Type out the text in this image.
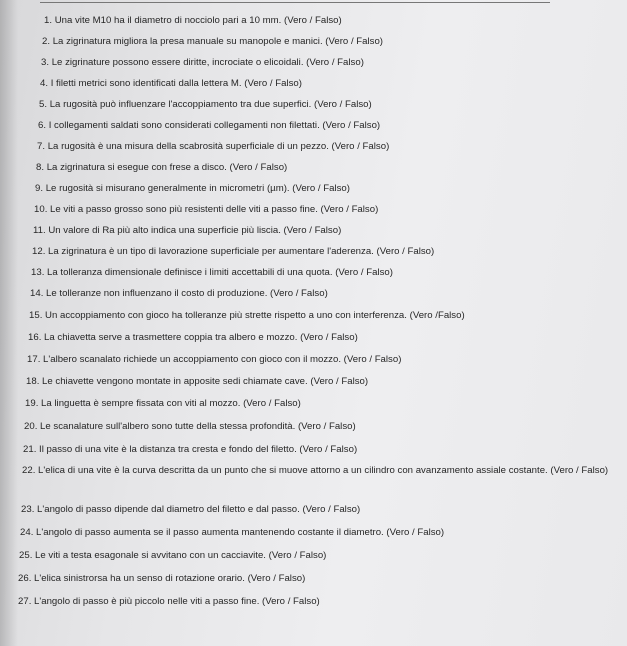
1. Una vite M10 ha il diametro di nocciolo pari a 10 mm. (Vero / Falso)

2. La zigrinatura migliora la presa manuale su manopole e manici. (Vero / Falso)

3. Le zigrinature possono essere diritte, incrociate o elicoidali. (Vero / Falso)

4. I filetti metrici sono identificati dalla lettera M. (Vero / Falso)

5. La rugosità può influenzare l'accoppiamento tra due superfici. (Vero / Falso)

6. I collegamenti saldati sono considerati collegamenti non filettati. (Vero / Falso)

7. La rugosità è una misura della scabrosità superficiale di un pezzo. (Vero / Falso)

8. La zigrinatura si esegue con frese a disco. (Vero / Falso)

9. Le rugosità si misurano generalmente in micrometri (µm). (Vero / Falso)

10. Le viti a passo grosso sono più resistenti delle viti a passo fine. (Vero / Falso)

11. Un valore di Ra più alto indica una superficie più liscia. (Vero / Falso)

12. La zigrinatura è un tipo di lavorazione superficiale per aumentare l'aderenza. (Vero / Falso)

13. La tolleranza dimensionale definisce i limiti accettabili di una quota. (Vero / Falso)

14. Le tolleranze non influenzano il costo di produzione. (Vero / Falso)

15. Un accoppiamento con gioco ha tolleranze più strette rispetto a uno con interferenza. (Vero /Falso)

16. La chiavetta serve a trasmettere coppia tra albero e mozzo. (Vero / Falso)

17. L'albero scanalato richiede un accoppiamento con gioco con il mozzo. (Vero / Falso)

18. Le chiavette vengono montate in apposite sedi chiamate cave. (Vero / Falso)

19. La linguetta è sempre fissata con viti al mozzo. (Vero / Falso)

20. Le scanalature sull'albero sono tutte della stessa profondità. (Vero / Falso)

21. Il passo di una vite è la distanza tra cresta e fondo del filetto. (Vero / Falso)

22. L'elica di una vite è la curva descritta da un punto che si muove attorno a un cilindro con avanzamento assiale costante. (Vero / Falso)

23. L'angolo di passo dipende dal diametro del filetto e dal passo. (Vero / Falso)

24. L'angolo di passo aumenta se il passo aumenta mantenendo costante il diametro. (Vero / Falso)

25. Le viti a testa esagonale si avvitano con un cacciavite. (Vero / Falso)

26. L'elica sinistrorsa ha un senso di rotazione orario. (Vero / Falso)

27. L'angolo di passo è più piccolo nelle viti a passo fine. (Vero / Falso)
